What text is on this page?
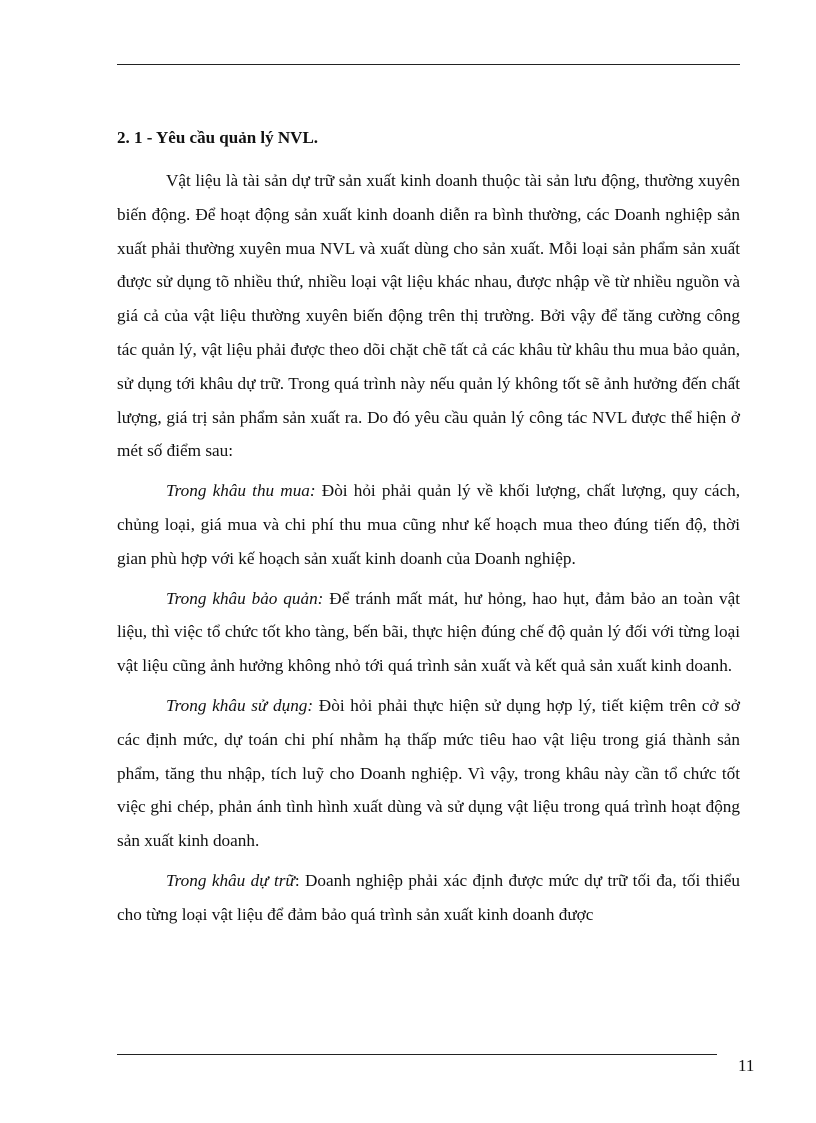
2. 1 - Yêu cầu quản lý NVL.

Vật liệu là tài sản dự trữ sản xuất kinh doanh thuộc tài sản lưu động, thường xuyên biến động. Để hoạt động sản xuất kinh doanh diễn ra bình thường, các Doanh nghiệp sản xuất phải thường xuyên mua NVL và xuất dùng cho sản xuất. Mỗi loại sản phẩm sản xuất được sử dụng tõ nhiều thứ, nhiều loại vật liệu khác nhau, được nhập về từ nhiều nguồn và giá cả của vật liệu thường xuyên biến động trên thị trường. Bởi vậy để tăng cường công tác quản lý, vật liệu phải được theo dõi chặt chẽ tất cả các khâu từ khâu thu mua bảo quản, sử dụng tới khâu dự trữ. Trong quá trình này nếu quản lý không tốt sẽ ảnh hưởng đến chất lượng, giá trị sản phẩm sản xuất ra. Do đó yêu cầu quản lý công tác NVL được thể hiện ở mét số điểm sau:

Trong khâu thu mua: Đòi hỏi phải quản lý về khối lượng, chất lượng, quy cách, chủng loại, giá mua và chi phí thu mua cũng như kế hoạch mua theo đúng tiến độ, thời gian phù hợp với kế hoạch sản xuất kinh doanh của Doanh nghiệp.

Trong khâu bảo quản: Để tránh mất mát, hư hỏng, hao hụt, đảm bảo an toàn vật liệu, thì việc tổ chức tốt kho tàng, bến bãi, thực hiện đúng chế độ quản lý đối với từng loại vật liệu cũng ảnh hưởng không nhỏ tới quá trình sản xuất và kết quả sản xuất kinh doanh.

Trong khâu sử dụng: Đòi hỏi phải thực hiện sử dụng hợp lý, tiết kiệm trên cở sở các định mức, dự toán chi phí nhằm hạ thấp mức tiêu hao vật liệu trong giá thành sản phẩm, tăng thu nhập, tích luỹ cho Doanh nghiệp. Vì vậy, trong khâu này cần tổ chức tốt việc ghi chép, phản ánh tình hình xuất dùng và sử dụng vật liệu trong quá trình hoạt động sản xuất kinh doanh.

Trong khâu dự trữ: Doanh nghiệp phải xác định được mức dự trữ tối đa, tối thiểu cho từng loại vật liệu để đảm bảo quá trình sản xuất kinh doanh được

11
